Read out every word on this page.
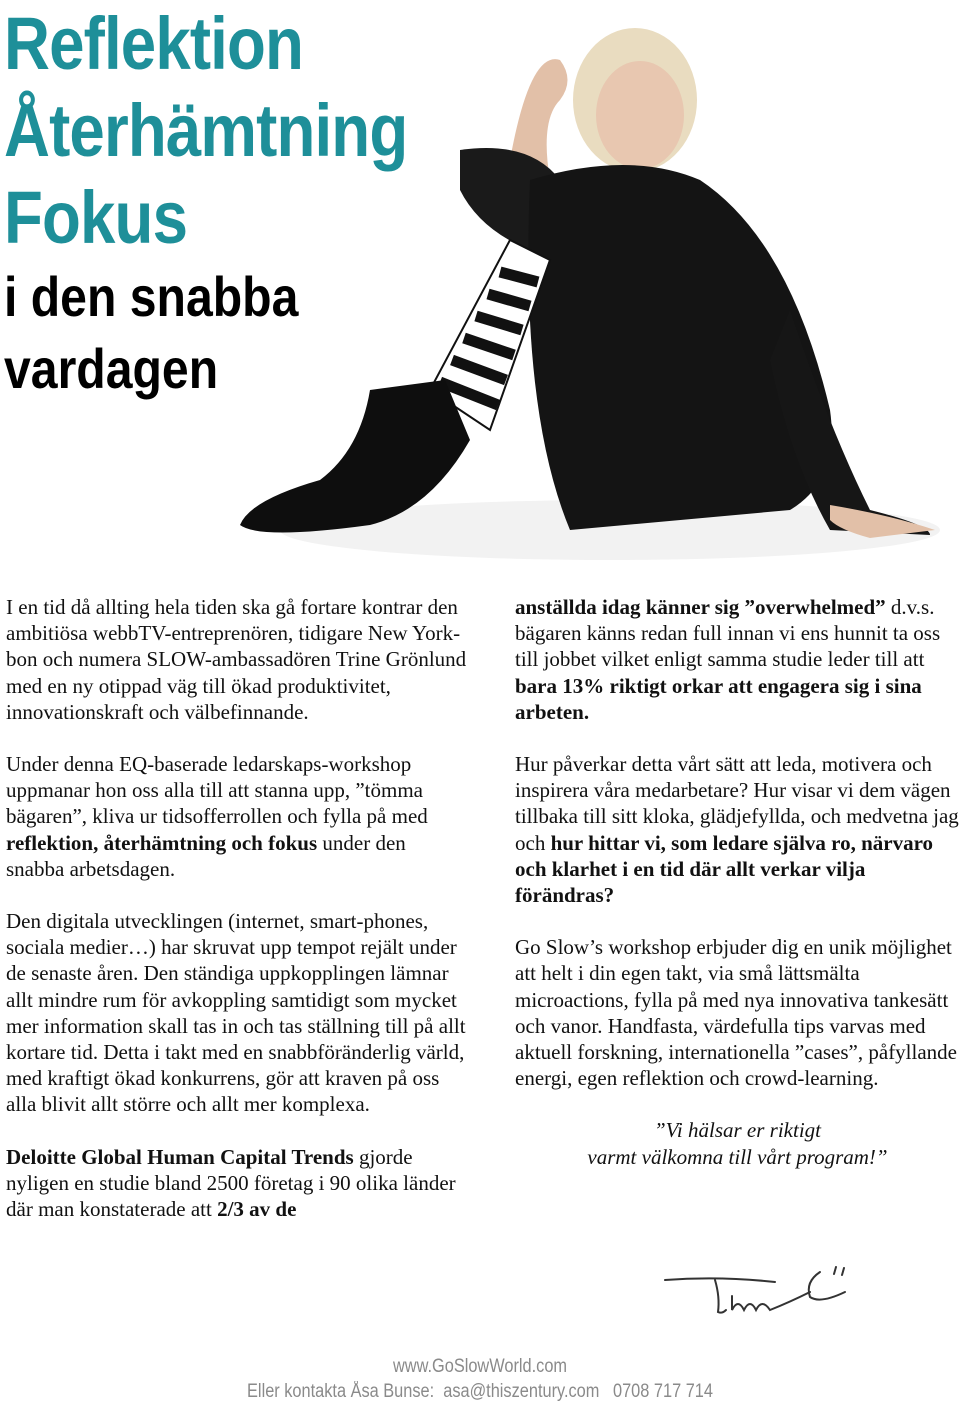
Reflektion
Återhämtning
Fokus
i den snabba
vardagen

I en tid då allting hela tiden ska gå fortare kontrar den ambitiösa webbTV-entreprenören, tidigare New York-bon och numera SLOW-ambassadören Trine Grönlund med en ny otippad väg till ökad produktivitet, innovationskraft och välbefinnande.

Under denna EQ-baserade ledarskaps-workshop uppmanar hon oss alla till att stanna upp, ”tömma bägaren”, kliva ur tidsofferrollen och fylla på med reflektion, återhämtning och fokus under den snabba arbetsdagen.

Den digitala utvecklingen (internet, smart-phones, sociala medier…) har skruvat upp tempot rejält under de senaste åren. Den ständiga uppkopplingen lämnar allt mindre rum för avkoppling samtidigt som mycket mer information skall tas in och tas ställning till på allt kortare tid. Detta i takt med en snabbföränderlig värld, med kraftigt ökad konkurrens, gör att kraven på oss alla blivit allt större och allt mer komplexa.

Deloitte Global Human Capital Trends gjorde nyligen en studie bland 2500 företag i 90 olika länder där man konstaterade att 2/3 av de

anställda idag känner sig ”overwhelmed” d.v.s. bägaren känns redan full innan vi ens hunnit ta oss till jobbet vilket enligt samma studie leder till att bara 13% riktigt orkar att engagera sig i sina arbeten.

Hur påverkar detta vårt sätt att leda, motivera och inspirera våra medarbetare? Hur visar vi dem vägen tillbaka till sitt kloka, glädjefyllda, och medvetna jag och hur hittar vi, som ledare själva ro, närvaro och klarhet i en tid där allt verkar vilja förändras?

Go Slow’s workshop erbjuder dig en unik möjlighet att helt i din egen takt, via små lättsmälta microactions, fylla på med nya innovativa tankesätt och vanor. Handfasta, värdefulla tips varvas med aktuell forskning, internationella ”cases”, påfyllande energi, egen reflektion och crowd-learning.

”Vi hälsar er riktigt
varmt välkomna till vårt program!”

www.GoSlowWorld.com
Eller kontakta Åsa Bunse: asa@thiszentury.com 0708 717 714
